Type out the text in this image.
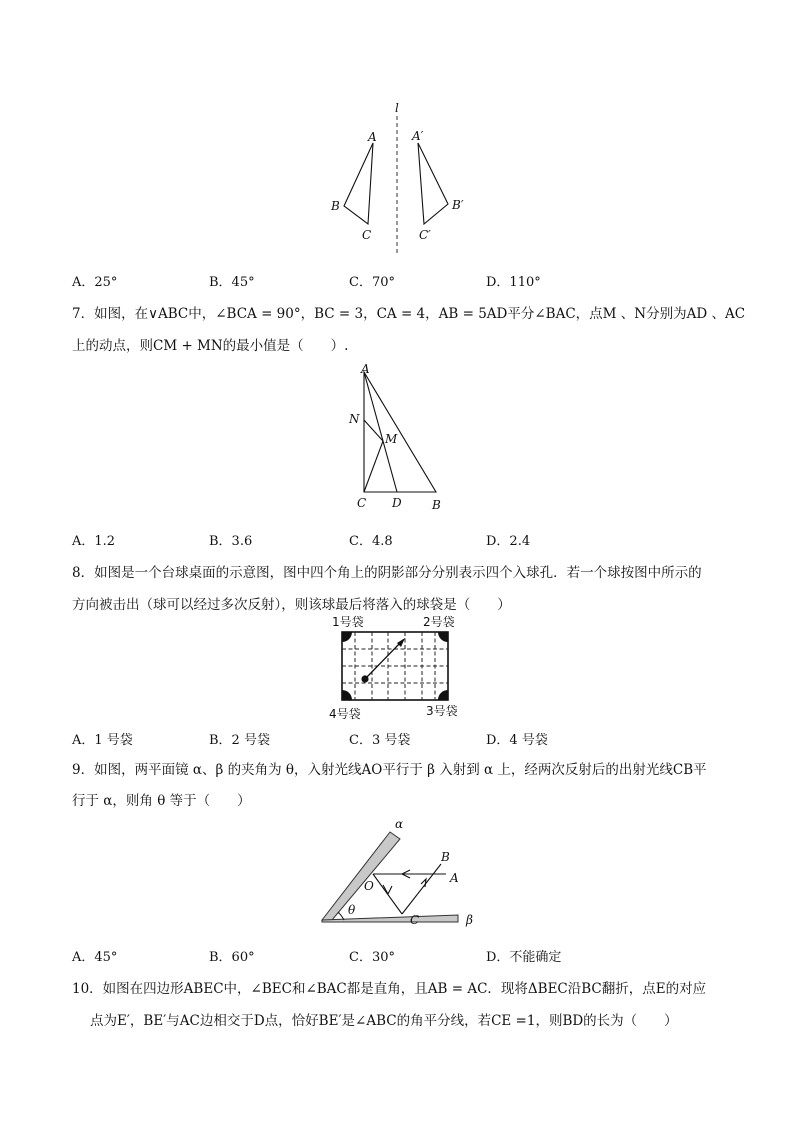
l
A
B
C
A′
B′
C′
A．25°	B．45°	C．70°	D．110°
7．如图，在∨ABC中，∠BCA = 90°，BC = 3，CA = 4，AB = 5AD平分∠BAC，点M 、N分别为AD 、AC
上的动点，则CM + MN的最小值是（　　）.
A
N
M
C D	B
A．1.2	B．3.6	C．4.8	D．2.4
8．如图是一个台球桌面的示意图，图中四个角上的阴影部分分别表示四个入球孔．若一个球按图中所示的
方向被击出（球可以经过多次反射），则该球最后将落入的球袋是（　　）
1号袋	2号袋
3号袋
4号袋
A．1 号袋	B．2 号袋	C．3 号袋	D．4 号袋
9．如图，两平面镜 α、β 的夹角为 θ，入射光线AO平行于 β 入射到 α 上，经两次反射后的出射光线CB平
行于 α，则角 θ 等于（　　）
α
β
θ
O
A
B
C
A．45°	B．60°	C．30°	D．不能确定
10．如图在四边形ABEC中，∠BEC和∠BAC都是直角，且AB = AC．现将ΔBEC沿BC翻折，点E的对应
点为E′，BE′与AC边相交于D点，恰好BE′是∠ABC的角平分线，若CE =1，则BD的长为（　　）
